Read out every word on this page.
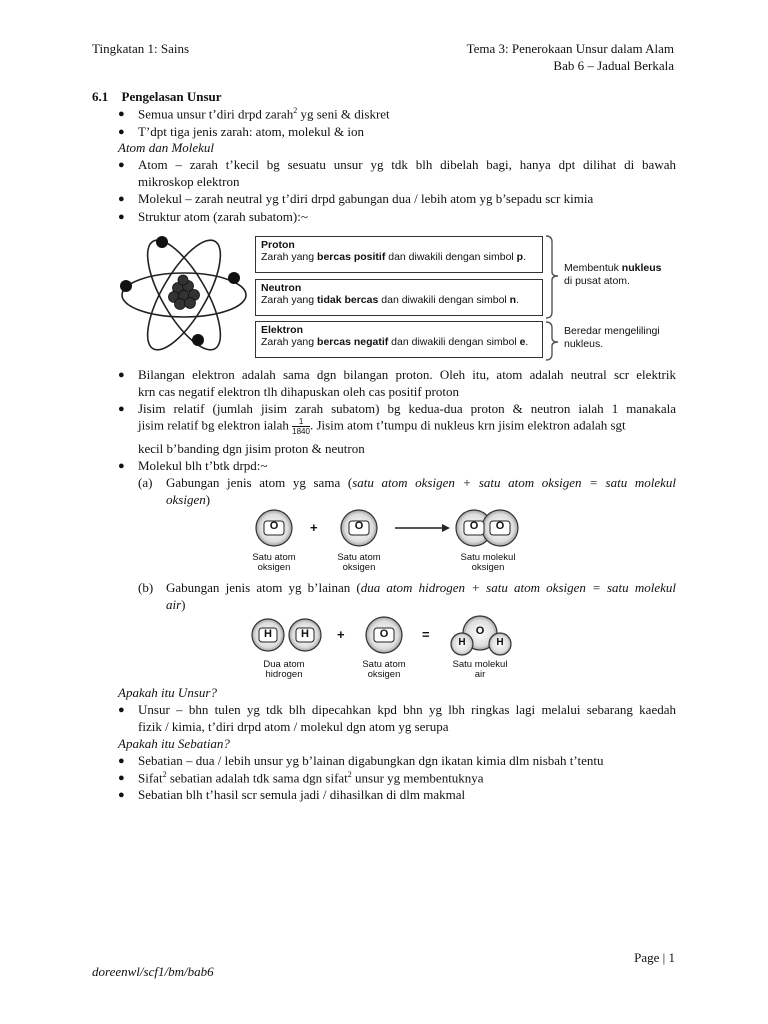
Tingkatan 1: Sains	Tema 3: Penerokaan Unsur dalam Alam
Bab 6 – Jadual Berkala
6.1 Pengelasan Unsur
● Semua unsur t’diri drpd zarah$^2$ yg seni & diskret
● T’dpt tiga jenis zarah: atom, molekul & ion
Atom dan Molekul
● Atom – zarah t’kecil bg sesuatu unsur yg tdk blh dibelah bagi, hanya dpt dilihat di bawah
mikroskop elektron
● Molekul – zarah neutral yg t’diri drpd gabungan dua / lebih atom yg b’sepadu scr kimia
● Struktur atom (zarah subatom):~
Proton
Zarah yang bercas positif dan diwakili dengan simbol p.
Neutron
Zarah yang tidak bercas dan diwakili dengan simbol n.
Elektron
Zarah yang bercas negatif dan diwakili dengan simbol e.
Membentuk nukleus
di pusat atom.
Beredar mengelilingi
nukleus.
● Bilangan elektron adalah sama dgn bilangan proton. Oleh itu, atom adalah neutral scr elektrik
krn cas negatif elektron tlh dihapuskan oleh cas positif proton
● Jisim relatif (jumlah jisim zarah subatom) bg kedua-dua proton & neutron ialah 1 manakala
jisim relatif bg elektron ialah $\frac{1}{1840}$ . Jisim atom t’tumpu di nukleus krn jisim elektron adalah sgt
kecil b’banding dgn jisim proton & neutron
● Molekul blh t’btk drpd:~
(a) Gabungan jenis atom yg sama (satu atom oksigen + satu atom oksigen = satu molekul
oksigen)
O	O	O	O
+
Satu atom
oksigen
Satu atom
oksigen
Satu molekul
oksigen
(b) Gabungan jenis atom yg b’lainan (dua atom hidrogen + satu atom oksigen = satu molekul
air)
H	H	O	O
H	H
+	=
Dua atom
hidrogen
Satu atom
oksigen
Satu molekul
air
Apakah itu Unsur?
● Unsur – bhn tulen yg tdk blh dipecahkan kpd bhn yg lbh ringkas lagi melalui sebarang kaedah
fizik / kimia, t’diri drpd atom / molekul dgn atom yg serupa
Apakah itu Sebatian?
● Sebatian – dua / lebih unsur yg b’lainan digabungkan dgn ikatan kimia dlm nisbah t’tentu
● Sifat$^2$ sebatian adalah tdk sama dgn sifat$^2$ unsur yg membentuknya
● Sebatian blh t’hasil scr semula jadi / dihasilkan di dlm makmal
Page | 1
doreenwl/scf1/bm/bab6
